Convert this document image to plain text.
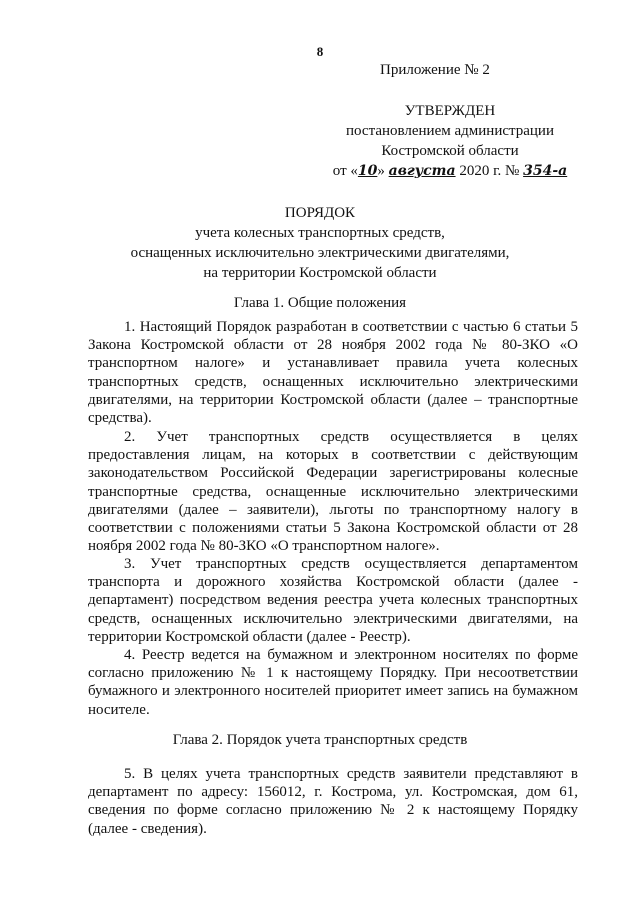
8
Приложение № 2
УТВЕРЖДЕН
постановлением администрации
Костромской области
от «10» августа 2020 г. № 354-а
ПОРЯДОК
учета колесных транспортных средств,
оснащенных исключительно электрическими двигателями,
на территории Костромской области
Глава 1. Общие положения

1. Настоящий Порядок разработан в соответствии с частью 6 статьи 5 Закона Костромской области от 28 ноября 2002 года № 80-ЗКО «О транспортном налоге» и устанавливает правила учета колесных транспортных средств, оснащенных исключительно электрическими двигателями, на территории Костромской области (далее – транспортные средства).

2. Учет транспортных средств осуществляется в целях предоставления лицам, на которых в соответствии с действующим законодательством Российской Федерации зарегистрированы колесные транспортные средства, оснащенные исключительно электрическими двигателями (далее – заявители), льготы по транспортному налогу в соответствии с положениями статьи 5 Закона Костромской области от 28 ноября 2002 года № 80-ЗКО «О транспортном налоге».

3. Учет транспортных средств осуществляется департаментом транспорта и дорожного хозяйства Костромской области (далее - департамент) посредством ведения реестра учета колесных транспортных средств, оснащенных исключительно электрическими двигателями, на территории Костромской области (далее - Реестр).

4. Реестр ведется на бумажном и электронном носителях по форме согласно приложению № 1 к настоящему Порядку. При несоответствии бумажного и электронного носителей приоритет имеет запись на бумажном носителе.

Глава 2. Порядок учета транспортных средств

5. В целях учета транспортных средств заявители представляют в департамент по адресу: 156012, г. Кострома, ул. Костромская, дом 61, сведения по форме согласно приложению № 2 к настоящему Порядку (далее - сведения).
